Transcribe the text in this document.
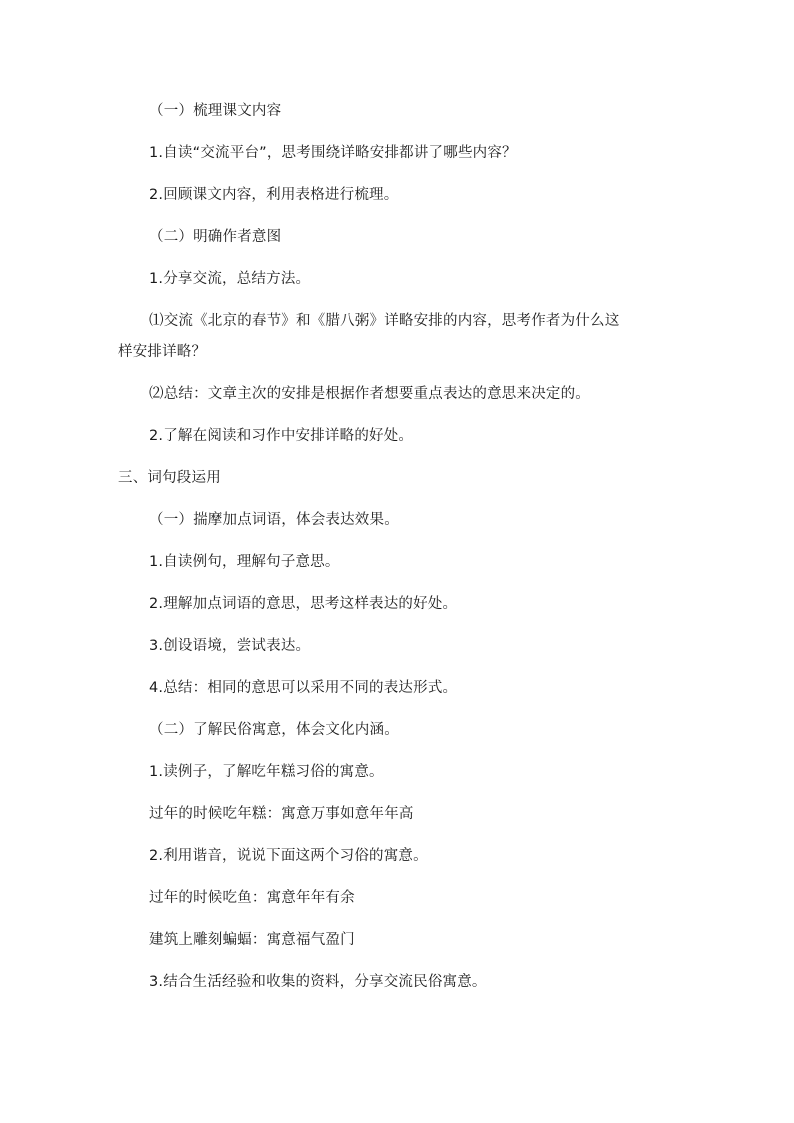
（一）梳理课文内容
1.自读“交流平台”，思考围绕详略安排都讲了哪些内容？
2.回顾课文内容，利用表格进行梳理。
（二）明确作者意图
1.分享交流，总结方法。
⑴交流《北京的春节》和《腊八粥》详略安排的内容，思考作者为什么这
样安排详略？
⑵总结：文章主次的安排是根据作者想要重点表达的意思来决定的。
2.了解在阅读和习作中安排详略的好处。
三、词句段运用
（一）揣摩加点词语，体会表达效果。
1.自读例句，理解句子意思。
2.理解加点词语的意思，思考这样表达的好处。
3.创设语境，尝试表达。
4.总结：相同的意思可以采用不同的表达形式。
（二）了解民俗寓意，体会文化内涵。
1.读例子，了解吃年糕习俗的寓意。
过年的时候吃年糕：寓意万事如意年年高
2.利用谐音，说说下面这两个习俗的寓意。
过年的时候吃鱼：寓意年年有余
建筑上雕刻蝙蝠：寓意福气盈门
3.结合生活经验和收集的资料，分享交流民俗寓意。
